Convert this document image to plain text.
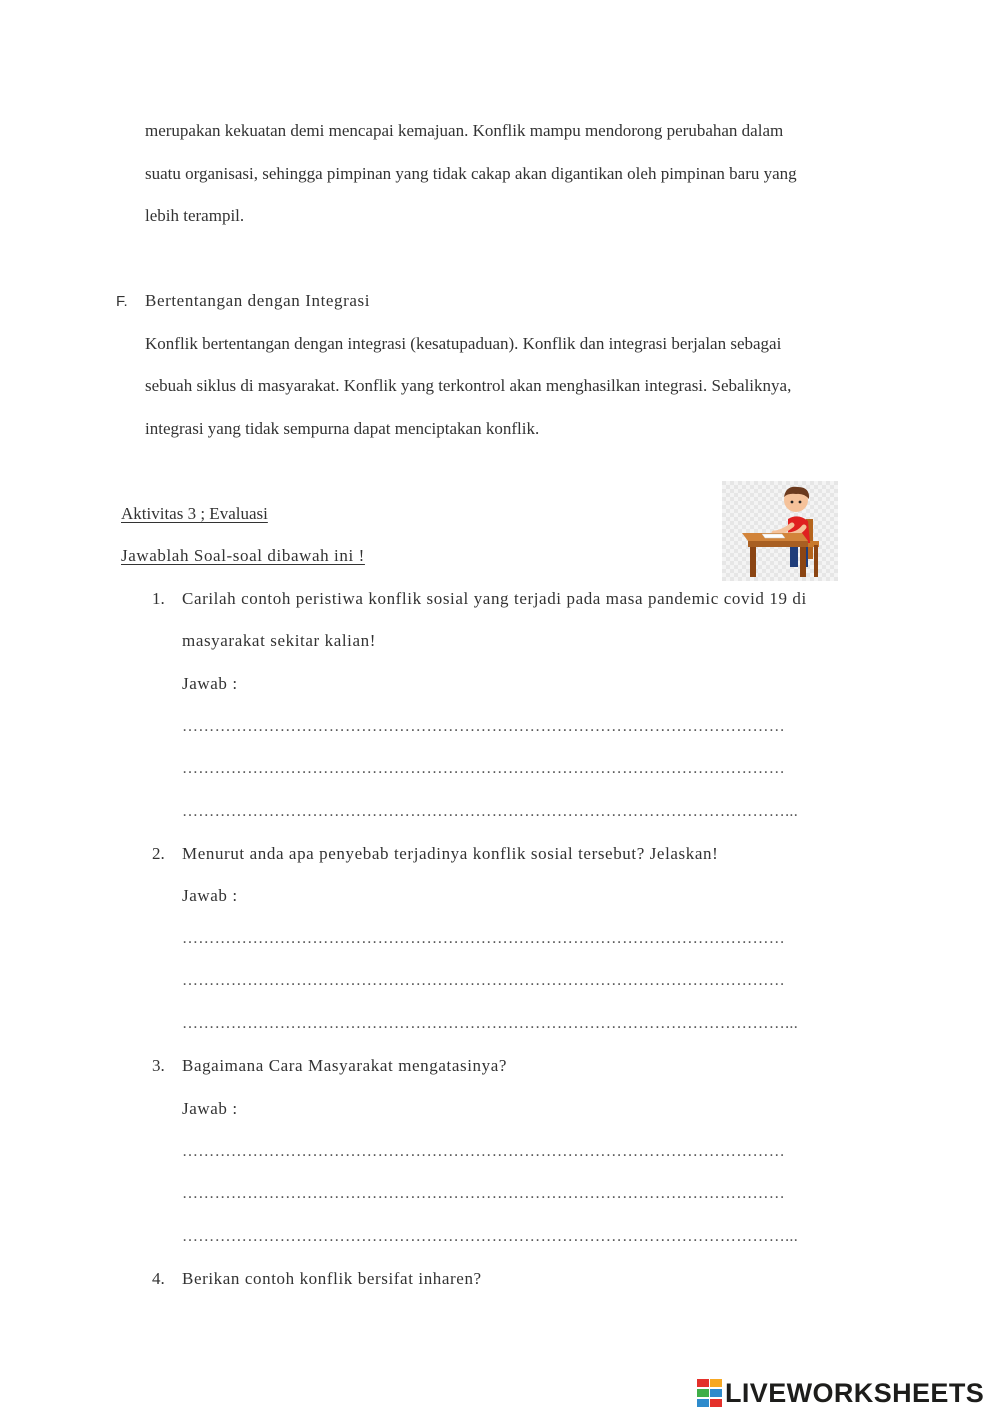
merupakan kekuatan demi mencapai kemajuan. Konflik mampu mendorong perubahan dalam
suatu organisasi, sehingga pimpinan yang tidak cakap akan digantikan oleh pimpinan baru yang
lebih terampil.
F. Bertentangan dengan Integrasi
Konflik bertentangan dengan integrasi (kesatupaduan). Konflik dan integrasi berjalan sebagai
sebuah siklus di masyarakat. Konflik yang terkontrol akan menghasilkan integrasi. Sebaliknya,
integrasi yang tidak sempurna dapat menciptakan konflik.
Aktivitas 3 ; Evaluasi
Jawablah Soal-soal dibawah ini !
1. Carilah contoh peristiwa konflik sosial yang terjadi pada masa pandemic covid 19 di
masyarakat sekitar kalian!
Jawab :
…………………………………………………………………………………………………
…………………………………………………………………………………………………
…………………………………………………………………………………………………...
2. Menurut anda apa penyebab terjadinya konflik sosial tersebut? Jelaskan!
Jawab :
…………………………………………………………………………………………………
…………………………………………………………………………………………………
…………………………………………………………………………………………………...
3. Bagaimana Cara Masyarakat mengatasinya?
Jawab :
…………………………………………………………………………………………………
…………………………………………………………………………………………………
…………………………………………………………………………………………………...
4. Berikan contoh konflik bersifat inharen?
LIVEWORKSHEETS
